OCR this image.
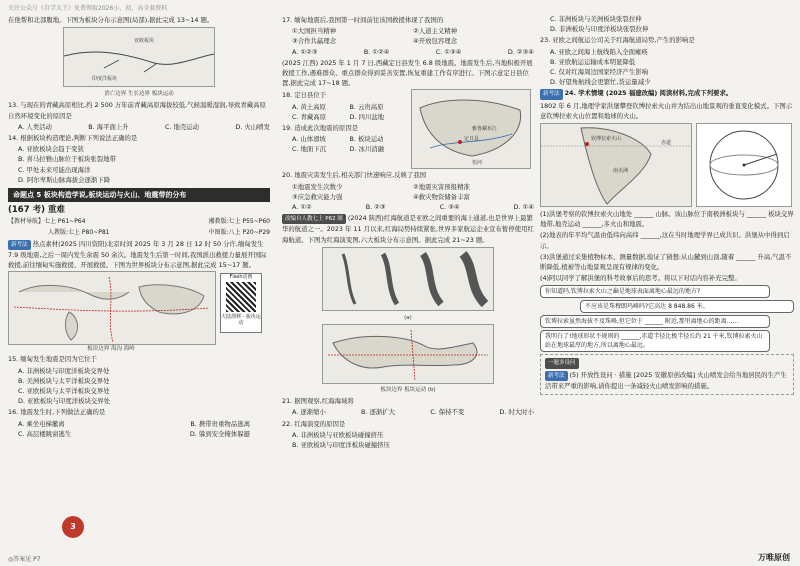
关注公众号《自学大王》免费领取2026小、初、高全套资料
在他帮和北部腹地。下图为板块分布示意图(局部),据此完成 13~14 题。
亚欧板块
印度洋板块
消亡边界 生长边界 板块运动
13. 与现在的青藏高原相比,约 2 500 万年前青藏高原海拔较低,气候温暖湿润,导致青藏高原自然环境变化的原因是
A. 人类活动	B. 海平面上升	C. 地壳运动	D. 火山喷发
14. 根据板块构造理论,判断下列说法正确的是
A. 亚欧板块会趋于变狭
B. 喜马拉雅山脉位于板块张裂地带
C. 甲处未来可能出现海洋
D. 阿尔卑斯山脉海拔会逐渐下降
命题点 5 板块构造学说,板块运动与火山、地震带的分布
(167 考) 重难
【教材导航】七上 P61~P64	湘教版:七上 P55~P60
人教版:七上 P80~P81	中图版:八上 P20~P29
新考法 热点素材(2025 四川资阳)北京时间 2025 年 3 月 28 日 12 时 50 分许,缅甸发生 7.9 级地震,之后一周内发生余震 50 余次。地震发生后第一时间,我国派出救援力量展开国际救援,前往缅甸实施救援、开展救援。下图为世界板块分布示意图,据此完成 15~17 题。
Flash动画
大陆漂移 · 板块运动
板块边界 海沟 海岭
15. 缅甸发生地震是因为它位于
A. 非洲板块与印度洋板块交界处
B. 美洲板块与太平洋板块交界处
C. 亚欧板块与太平洋板块交界处
D. 亚欧板块与印度洋板块交界处
16. 地震发生时,下列做法正确的是
A. 乘坐电梯撤离	B. 携带贵重物品逃离
C. 高层楼跳窗逃生	D. 躲到安全掩体躲避
3
◎答案见 P7
17. 缅甸地震后,我国第一时间前往该国救援体现了我国的
①大国担当精神	②人道主义精神
③合作共赢理念	④开放包容理念
A. ①②③	B. ①②④	C. ①③④	D. ②③④
(2025 江西) 2025 年 1 月 7 日,西藏定日县发生 6.8 级地震。地震发生后,当地积极开展救援工作,遇难群众、重点群众得到妥善安置,恢复重建工作有序进行。下图示意定日县位置,据此完成 17~18 题。
18. 定日县位于
A. 黄土高原	B. 云贵高原
C. 青藏高原	D. 四川盆地
19. 造成此次地震的原因是
A. 山体滑坡	B. 板块运动
C. 地面下沉	D. 冰川消融
定日县
恒河
雅鲁藏布江
20. 地震灾害发生后,相关部门快速响应,反映了我国
①地震发生次数少	②地震灾害预报精准
③应急救灾能力强	④救灾物资储备丰富
A. ①②	B. ②③	C. ③④	D. ①④
改编自人教七上 P62 图 (2024 陕西)红海航道是亚欧之间重要的海上通道,也是世界上最繁华的航道之一。2023 年 11 月以来,红海局势持续紧张,世界多家航运企业宣布暂停使用红海航道。下图为红海演变图,六大板块分布示意图。据此完成 21~23 题。
(a)
板块边界 板块运动 (b)
21. 据图观察,红海海域将
A. 逐渐缩小	B. 逐渐扩大	C. 保持不变	D. 时大时小
22. 红海演变的原因是
A. 非洲板块与亚欧板块碰撞挤压
B. 亚欧板块与印度洋板块碰撞挤压
C. 非洲板块与美洲板块张裂拉伸
D. 非洲板块与印度洋板块张裂拉伸
23. 亚欧之间航运公司关于红海航道局势,产生的影响是
A. 亚欧之间海上航线陷入全面瘫痪
B. 亚欧航运运输成本明显降低
C. 仅对红海周边国家经济产生影响
D. 好望角航线会更繁忙,货运量减少
新考法 24. 学术情境 (2025 福建改编) 阅读材料,完成下列要求。
1802 年 6 月,地理学家洪堡攀登钦博拉索火山并为结出山地景观的垂直变化模式。下图示意钦博拉索火山位置和地球的火山。
钦博拉索火山
赤道
南美洲
(1)洪堡考察的钦博拉索火山地处 ______ 山脉。该山脉位于南极洲板块与 ______ 板块交界地带,地壳运动 ______,多火山和地震。
(2)地表的年平均气温由低纬向高纬 ______,这在当时地理学界已成共识。洪堡从中得到启示。
(3)洪堡通过采集植物标本、测量数据,验证了猜想:从山麓到山顶,随着 ______ 升高,气温不断降低,植被等山地景观呈现有规律的变化。
(4)阿以同学了解洪堡的科考故事后的思考。将以下对话内容补充完整。
你知道吗,钦博拉索火山之巅是地球表面离地心最远的地方?
不应该是珠穆朗玛峰吗?它高达 8 848.86 米。
钦博拉索虽然海拔不及珠峰,但它位于 ______ 附近,那里离地心的距离……
我明白了!地球形状不规则的 ______,赤道半径比极半径长约 21 千米,钦博拉索火山站在地球最厚的地方,所以离地心最远。
一题多设问
新考法 (5) 开放性设问 · 措施 [2025 安徽原创改编] 火山喷发会给当地居民的生产生活带来严重的影响,请你提出一条减轻火山喷发影响的措施。
万唯原创
